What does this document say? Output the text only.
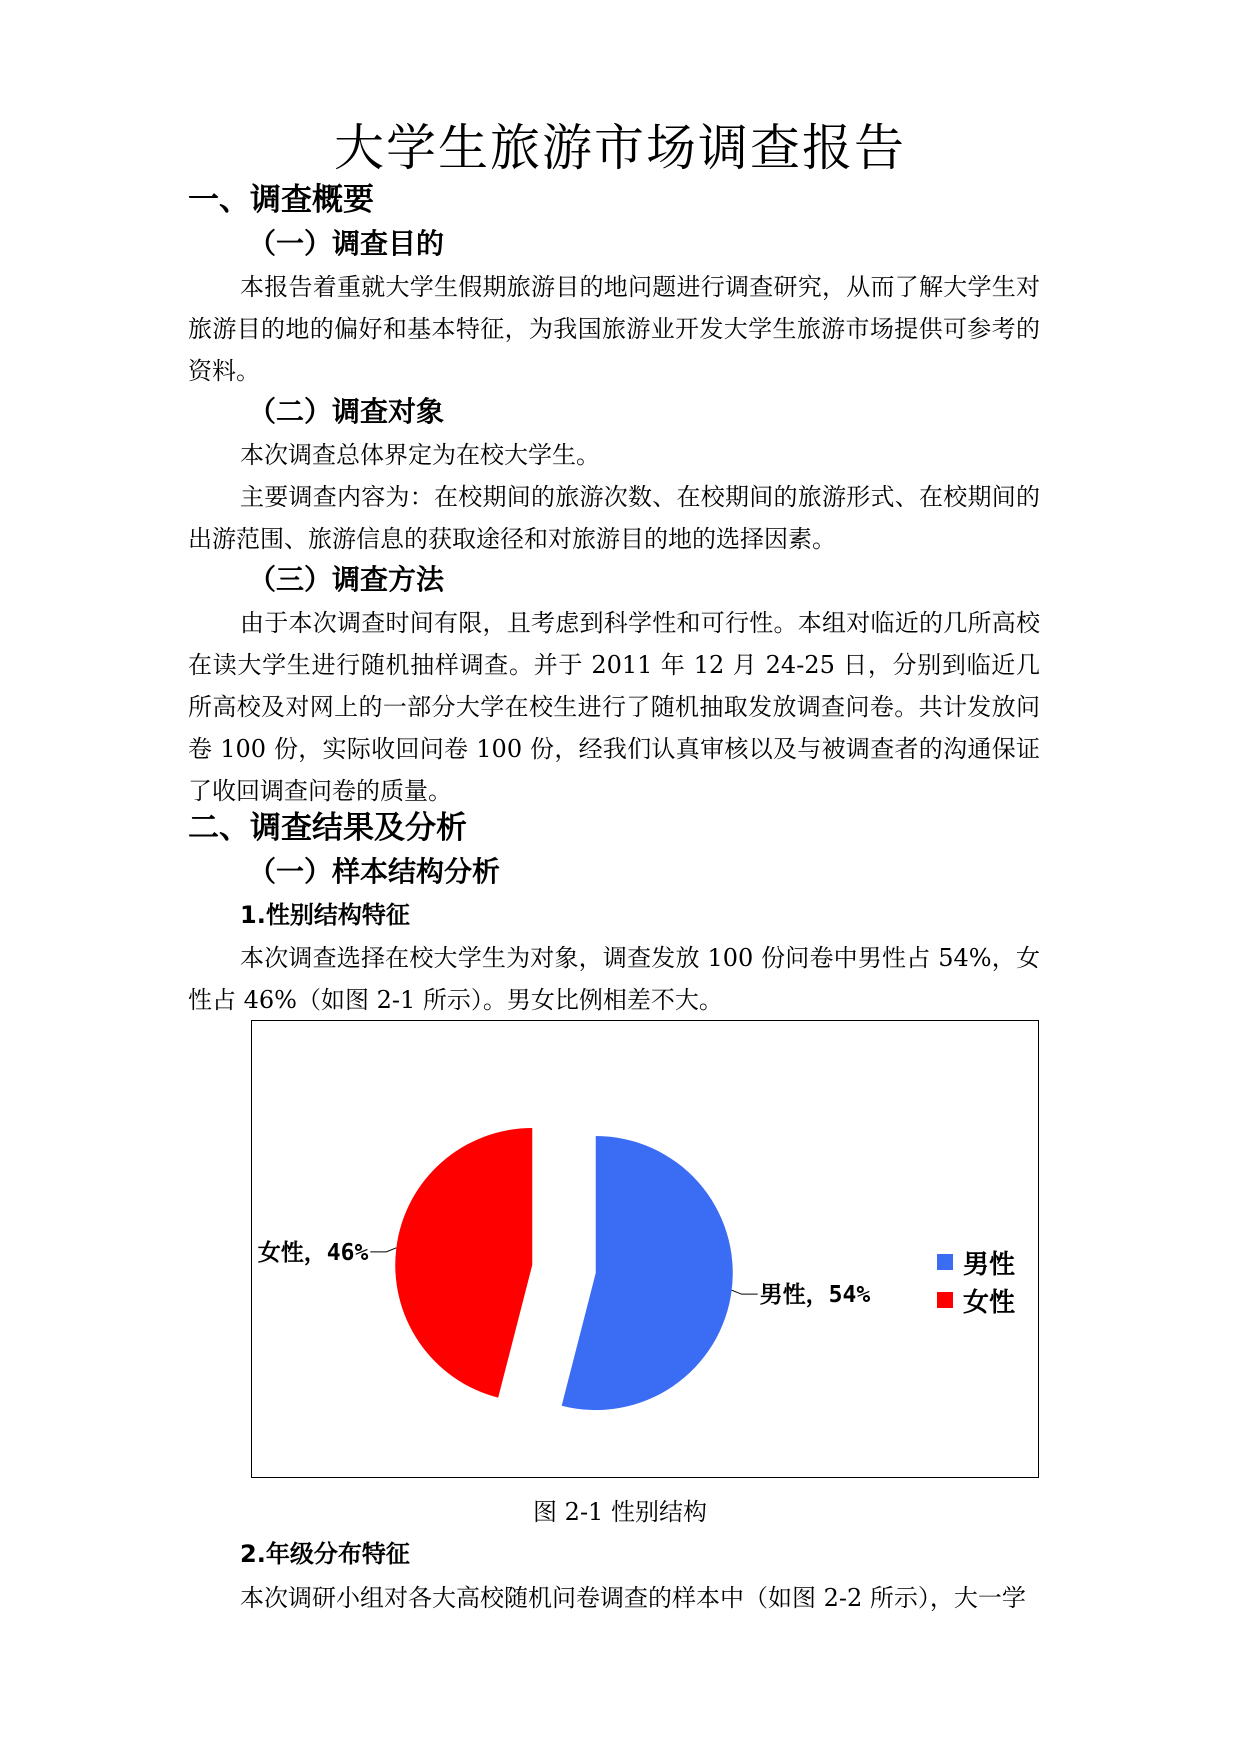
大学生旅游市场调查报告
一、调查概要
（一）调查目的
本报告着重就大学生假期旅游目的地问题进行调查研究，从而了解大学生对旅游目的地的偏好和基本特征，为我国旅游业开发大学生旅游市场提供可参考的资料。
（二）调查对象
本次调查总体界定为在校大学生。
主要调查内容为：在校期间的旅游次数、在校期间的旅游形式、在校期间的出游范围、旅游信息的获取途径和对旅游目的地的选择因素。
（三）调查方法
由于本次调查时间有限，且考虑到科学性和可行性。本组对临近的几所高校在读大学生进行随机抽样调查。并于 2011 年 12 月 24-25 日，分别到临近几所高校及对网上的一部分大学在校生进行了随机抽取发放调查问卷。共计发放问卷 100 份，实际收回问卷 100 份，经我们认真审核以及与被调查者的沟通保证了收回调查问卷的质量。
二、调查结果及分析
（一）样本结构分析
1.性别结构特征
本次调查选择在校大学生为对象，调查发放 100 份问卷中男性占 54%，女性占 46%（如图 2-1 所示）。男女比例相差不大。
男性，54%
女性，46%	男性
女性
图 2-1 性别结构
2.年级分布特征
本次调研小组对各大高校随机问卷调查的样本中（如图 2-2 所示），大一学
